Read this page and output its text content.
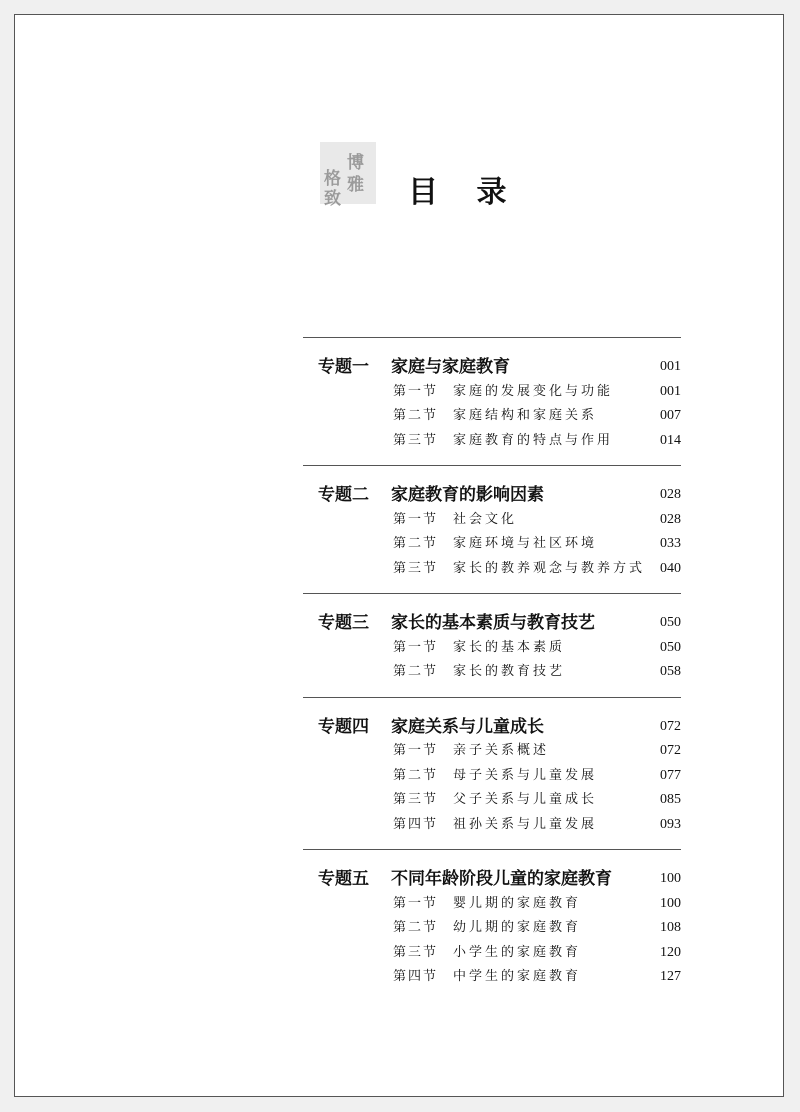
格
博
致
雅 目 录
专题一 家庭与家庭教育	001
第一节 家庭的发展变化与功能	001
第二节 家庭结构和家庭关系	007
第三节 家庭教育的特点与作用	014
专题二 家庭教育的影响因素	028
第一节 社会文化	028
第二节 家庭环境与社区环境	033
第三节 家长的教养观念与教养方式 040
专题三 家长的基本素质与教育技艺	050
第一节 家长的基本素质	050
第二节 家长的教育技艺	058
专题四 家庭关系与儿童成长	072
第一节 亲子关系概述	072
第二节 母子关系与儿童发展	077
第三节 父子关系与儿童成长	085
第四节 祖孙关系与儿童发展	093
专题五 不同年龄阶段儿童的家庭教育	100
第一节 婴儿期的家庭教育	100
第二节 幼儿期的家庭教育	108
第三节 小学生的家庭教育	120
第四节 中学生的家庭教育	127
